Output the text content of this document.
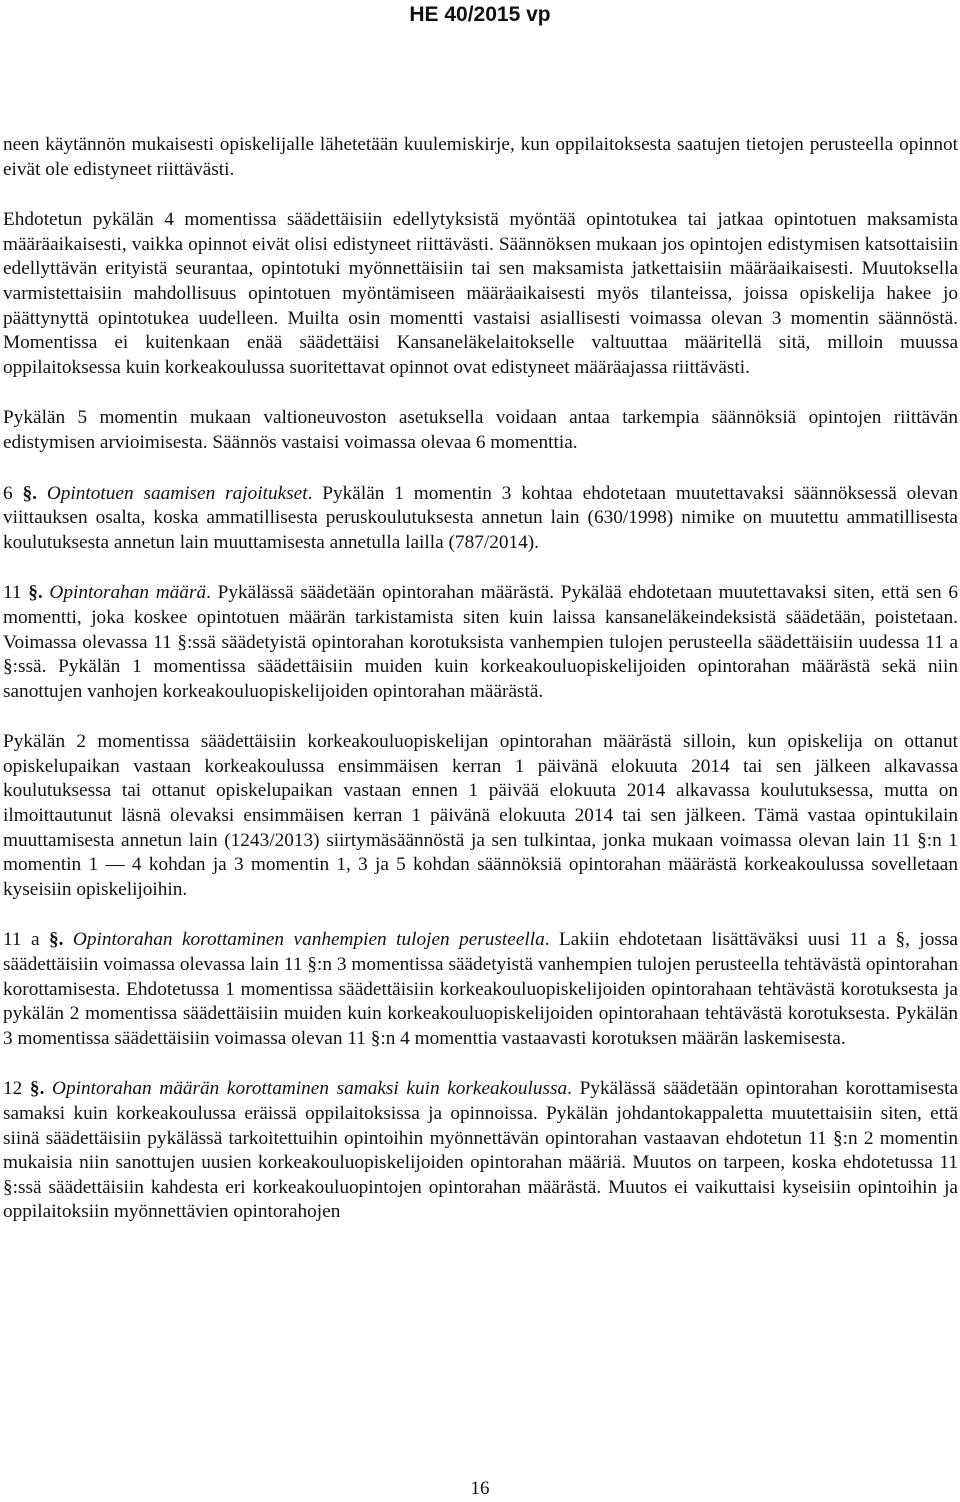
HE 40/2015 vp

neen käytännön mukaisesti opiskelijalle lähetetään kuulemiskirje, kun oppilaitoksesta saatujen tietojen perusteella opinnot eivät ole edistyneet riittävästi.

Ehdotetun pykälän 4 momentissa säädettäisiin edellytyksistä myöntää opintotukea tai jatkaa opintotuen maksamista määräaikaisesti, vaikka opinnot eivät olisi edistyneet riittävästi. Säännöksen mukaan jos opintojen edistymisen katsottaisiin edellyttävän erityistä seurantaa, opintotuki myönnettäisiin tai sen maksamista jatkettaisiin määräaikaisesti. Muutoksella varmistettaisiin mahdollisuus opintotuen myöntämiseen määräaikaisesti myös tilanteissa, joissa opiskelija hakee jo päättynyttä opintotukea uudelleen. Muilta osin momentti vastaisi asiallisesti voimassa olevan 3 momentin säännöstä. Momentissa ei kuitenkaan enää säädettäisi Kansaneläkelaitokselle valtuuttaa määritellä sitä, milloin muussa oppilaitoksessa kuin korkeakoulussa suoritettavat opinnot ovat edistyneet määräajassa riittävästi.

Pykälän 5 momentin mukaan valtioneuvoston asetuksella voidaan antaa tarkempia säännöksiä opintojen riittävän edistymisen arvioimisesta. Säännös vastaisi voimassa olevaa 6 momenttia.

6 §. Opintotuen saamisen rajoitukset. Pykälän 1 momentin 3 kohtaa ehdotetaan muutettavaksi säännöksessä olevan viittauksen osalta, koska ammatillisesta peruskoulutuksesta annetun lain (630/1998) nimike on muutettu ammatillisesta koulutuksesta annetun lain muuttamisesta annetulla lailla (787/2014).

11 §. Opintorahan määrä. Pykälässä säädetään opintorahan määrästä. Pykälää ehdotetaan muutettavaksi siten, että sen 6 momentti, joka koskee opintotuen määrän tarkistamista siten kuin laissa kansaneläkeindeksistä säädetään, poistetaan. Voimassa olevassa 11 §:ssä säädetyistä opintorahan korotuksista vanhempien tulojen perusteella säädettäisiin uudessa 11 a §:ssä. Pykälän 1 momentissa säädettäisiin muiden kuin korkeakouluopiskelijoiden opintorahan määrästä sekä niin sanottujen vanhojen korkeakouluopiskelijoiden opintorahan määrästä.

Pykälän 2 momentissa säädettäisiin korkeakouluopiskelijan opintorahan määrästä silloin, kun opiskelija on ottanut opiskelupaikan vastaan korkeakoulussa ensimmäisen kerran 1 päivänä elokuuta 2014 tai sen jälkeen alkavassa koulutuksessa tai ottanut opiskelupaikan vastaan ennen 1 päivää elokuuta 2014 alkavassa koulutuksessa, mutta on ilmoittautunut läsnä olevaksi ensimmäisen kerran 1 päivänä elokuuta 2014 tai sen jälkeen. Tämä vastaa opintukilain muuttamisesta annetun lain (1243/2013) siirtymäsäännöstä ja sen tulkintaa, jonka mukaan voimassa olevan lain 11 §:n 1 momentin 1 — 4 kohdan ja 3 momentin 1, 3 ja 5 kohdan säännöksiä opintorahan määrästä korkeakoulussa sovelletaan kyseisiin opiskelijoihin.

11 a §. Opintorahan korottaminen vanhempien tulojen perusteella. Lakiin ehdotetaan lisättäväksi uusi 11 a §, jossa säädettäisiin voimassa olevassa lain 11 §:n 3 momentissa säädetyistä vanhempien tulojen perusteella tehtävästä opintorahan korottamisesta. Ehdotetussa 1 momentissa säädettäisiin korkeakouluopiskelijoiden opintorahaan tehtävästä korotuksesta ja pykälän 2 momentissa säädettäisiin muiden kuin korkeakouluopiskelijoiden opintorahaan tehtävästä korotuksesta. Pykälän 3 momentissa säädettäisiin voimassa olevan 11 §:n 4 momenttia vastaavasti korotuksen määrän laskemisesta.

12 §. Opintorahan määrän korottaminen samaksi kuin korkeakoulussa. Pykälässä säädetään opintorahan korottamisesta samaksi kuin korkeakoulussa eräissä oppilaitoksissa ja opinnoissa. Pykälän johdantokappaletta muutettaisiin siten, että siinä säädettäisiin pykälässä tarkoitettuihin opintoihin myönnettävän opintorahan vastaavan ehdotetun 11 §:n 2 momentin mukaisia niin sanottujen uusien korkeakouluopiskelijoiden opintorahan määriä. Muutos on tarpeen, koska ehdotetussa 11 §:ssä säädettäisiin kahdesta eri korkeakouluopintojen opintorahan määrästä. Muutos ei vaikuttaisi kyseisiin opintoihin ja oppilaitoksiin myönnettävien opintorahojen

16
